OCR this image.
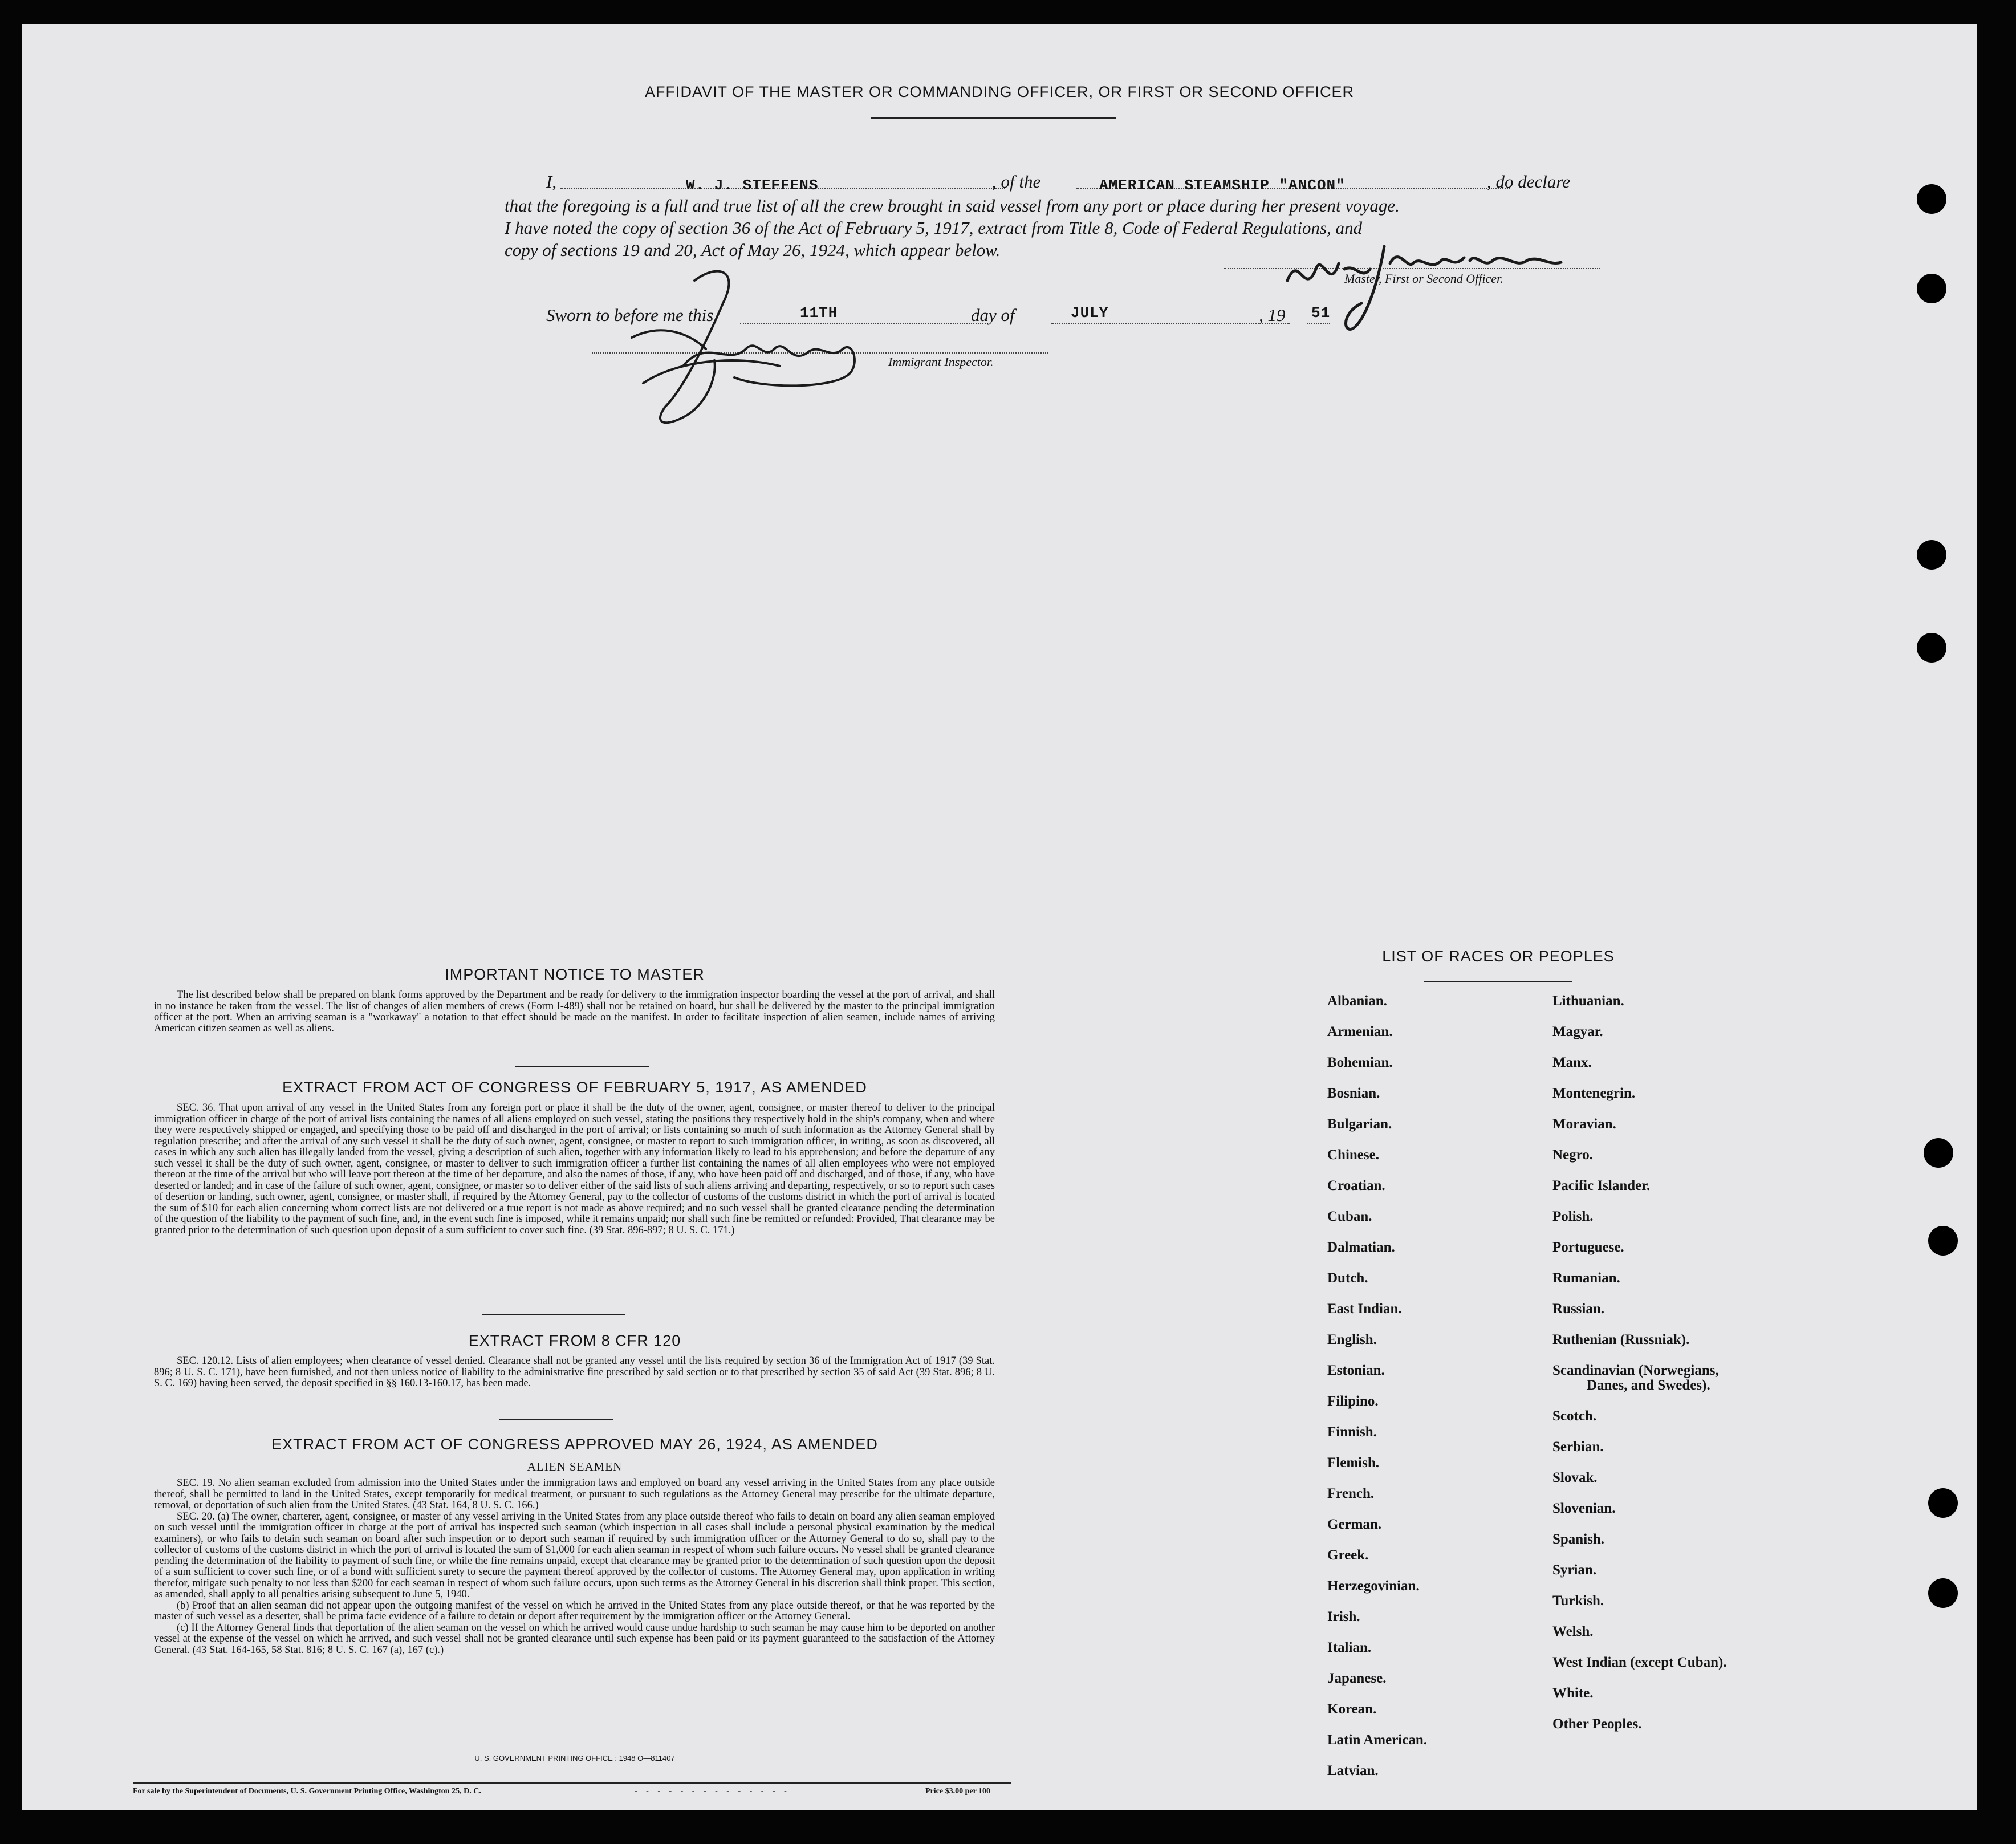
AFFIDAVIT OF THE MASTER OR COMMANDING OFFICER, OR FIRST OR SECOND OFFICER
I,	W. J. STEFFENS	, of the	AMERICAN STEAMSHIP "ANCON"	, do declare
that the foregoing is a full and true list of all the crew brought in said vessel from any port or place during her present voyage.
I have noted the copy of section 36 of the Act of February 5, 1917, extract from Title 8, Code of Federal Regulations, and
copy of sections 19 and 20, Act of May 26, 1924, which appear below.
Master, First or Second Officer.
Sworn to before me this	11TH	day of	JULY	, 19 51
Immigrant Inspector.
IMPORTANT NOTICE TO MASTER
The list described below shall be prepared on blank forms approved by the Department and be ready for delivery to the immigration inspector boarding the vessel at the port of arrival, and shall in no instance be taken from the vessel. The list of changes of alien members of crews (Form I-489) shall not be retained on board, but shall be delivered by the master to the principal immigration officer at the port. When an arriving seaman is a "workaway" a notation to that effect should be made on the manifest. In order to facilitate inspection of alien seamen, include names of arriving American citizen seamen as well as aliens.
EXTRACT FROM ACT OF CONGRESS OF FEBRUARY 5, 1917, AS AMENDED
SEC. 36. That upon arrival of any vessel in the United States from any foreign port or place it shall be the duty of the owner, agent, consignee, or master thereof to deliver to the principal immigration officer in charge of the port of arrival lists containing the names of all aliens employed on such vessel, stating the positions they respectively hold in the ship's company, when and where they were respectively shipped or engaged, and specifying those to be paid off and discharged in the port of arrival; or lists containing so much of such information as the Attorney General shall by regulation prescribe; and after the arrival of any such vessel it shall be the duty of such owner, agent, consignee, or master to report to such immigration officer, in writing, as soon as discovered, all cases in which any such alien has illegally landed from the vessel, giving a description of such alien, together with any information likely to lead to his apprehension; and before the departure of any such vessel it shall be the duty of such owner, agent, consignee, or master to deliver to such immigration officer a further list containing the names of all alien employees who were not employed thereon at the time of the arrival but who will leave port thereon at the time of her departure, and also the names of those, if any, who have been paid off and discharged, and of those, if any, who have deserted or landed; and in case of the failure of such owner, agent, consignee, or master so to deliver either of the said lists of such aliens arriving and departing, respectively, or so to report such cases of desertion or landing, such owner, agent, consignee, or master shall, if required by the Attorney General, pay to the collector of customs of the customs district in which the port of arrival is located the sum of $10 for each alien concerning whom correct lists are not delivered or a true report is not made as above required; and no such vessel shall be granted clearance pending the determination of the question of the liability to the payment of such fine, and, in the event such fine is imposed, while it remains unpaid; nor shall such fine be remitted or refunded: Provided, That clearance may be granted prior to the determination of such question upon deposit of a sum sufficient to cover such fine. (39 Stat. 896-897; 8 U. S. C. 171.)
EXTRACT FROM 8 CFR 120
SEC. 120.12. Lists of alien employees; when clearance of vessel denied. Clearance shall not be granted any vessel until the lists required by section 36 of the Immigration Act of 1917 (39 Stat. 896; 8 U. S. C. 171), have been furnished, and not then unless notice of liability to the administrative fine prescribed by said section or to that prescribed by section 35 of said Act (39 Stat. 896; 8 U. S. C. 169) having been served, the deposit specified in §§ 160.13-160.17, has been made.
EXTRACT FROM ACT OF CONGRESS APPROVED MAY 26, 1924, AS AMENDED
ALIEN SEAMEN

SEC. 19. No alien seaman excluded from admission into the United States under the immigration laws and employed on board any vessel arriving in the United States from any place outside thereof, shall be permitted to land in the United States, except temporarily for medical treatment, or pursuant to such regulations as the Attorney General may prescribe for the ultimate departure, removal, or deportation of such alien from the United States. (43 Stat. 164, 8 U. S. C. 166.)

SEC. 20. (a) The owner, charterer, agent, consignee, or master of any vessel arriving in the United States from any place outside thereof who fails to detain on board any alien seaman employed on such vessel until the immigration officer in charge at the port of arrival has inspected such seaman (which inspection in all cases shall include a personal physical examination by the medical examiners), or who fails to detain such seaman on board after such inspection or to deport such seaman if required by such immigration officer or the Attorney General to do so, shall pay to the collector of customs of the customs district in which the port of arrival is located the sum of $1,000 for each alien seaman in respect of whom such failure occurs. No vessel shall be granted clearance pending the determination of the liability to payment of such fine, or while the fine remains unpaid, except that clearance may be granted prior to the determination of such question upon the deposit of a sum sufficient to cover such fine, or of a bond with sufficient surety to secure the payment thereof approved by the collector of customs. The Attorney General may, upon application in writing therefor, mitigate such penalty to not less than $200 for each seaman in respect of whom such failure occurs, upon such terms as the Attorney General in his discretion shall think proper. This section, as amended, shall apply to all penalties arising subsequent to June 5, 1940.

(b) Proof that an alien seaman did not appear upon the outgoing manifest of the vessel on which he arrived in the United States from any place outside thereof, or that he was reported by the master of such vessel as a deserter, shall be prima facie evidence of a failure to detain or deport after requirement by the immigration officer or the Attorney General.

(c) If the Attorney General finds that deportation of the alien seaman on the vessel on which he arrived would cause undue hardship to such seaman he may cause him to be deported on another vessel at the expense of the vessel on which he arrived, and such vessel shall not be granted clearance until such expense has been paid or its payment guaranteed to the satisfaction of the Attorney General. (43 Stat. 164-165, 58 Stat. 816; 8 U. S. C. 167 (a), 167 (c).)

U. S. GOVERNMENT PRINTING OFFICE : 1948 O—811407
For sale by the Superintendent of Documents, U. S. Government Printing Office, Washington 25, D. C.	- - - - - - - - - - - - - -	Price $3.00 per 100
LIST OF RACES OR PEOPLES
Albanian.
Armenian.
Bohemian.
Bosnian.
Bulgarian.
Chinese.
Croatian.
Cuban.
Dalmatian.
Dutch.
East Indian.
English.
Estonian.
Filipino.
Finnish.
Flemish.
French.
German.
Greek.
Herzegovinian.
Irish.
Italian.
Japanese.
Korean.
Latin American.
Latvian.
Lithuanian.
Magyar.
Manx.
Montenegrin.
Moravian.
Negro.
Pacific Islander.
Polish.
Portuguese.
Rumanian.
Russian.
Ruthenian (Russniak).
Scandinavian (Norwegians,
Danes, and Swedes).
Scotch.
Serbian.
Slovak.
Slovenian.
Spanish.
Syrian.
Turkish.
Welsh.
West Indian (except Cuban).
White.
Other Peoples.
